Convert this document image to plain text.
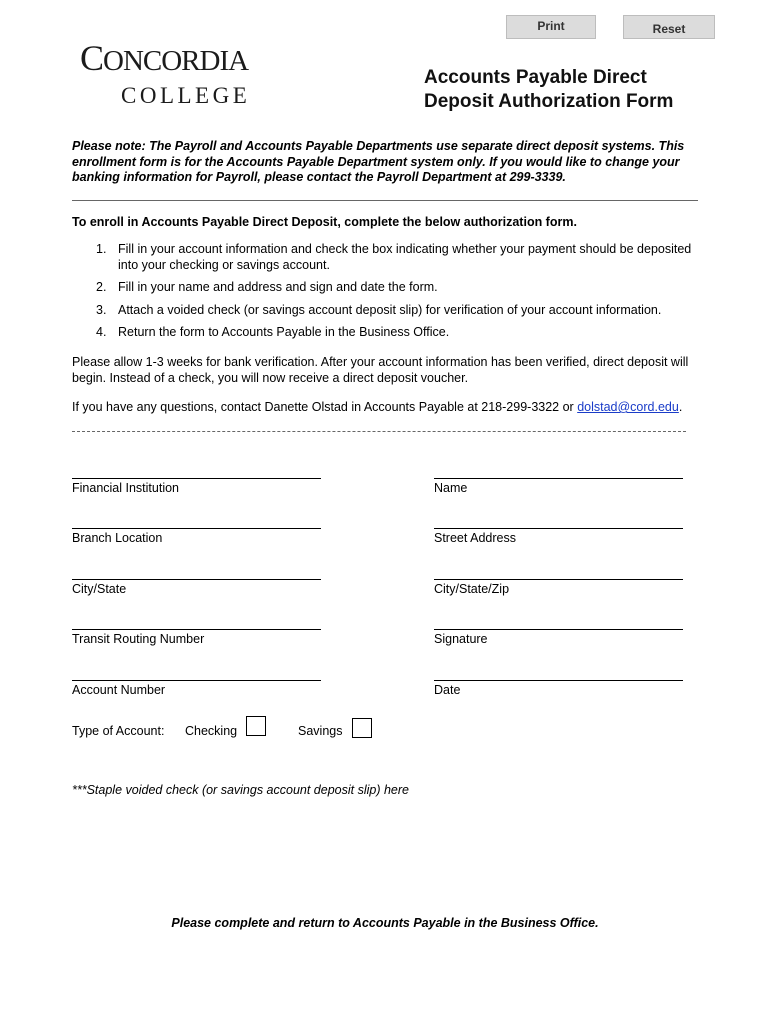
Print	Reset
CONCORDIA
COLLEGE
Accounts Payable Direct
Deposit Authorization Form
Please note: The Payroll and Accounts Payable Departments use separate direct deposit systems. This enrollment form is for the Accounts Payable Department system only. If you would like to change your banking information for Payroll, please contact the Payroll Department at 299-3339.
To enroll in Accounts Payable Direct Deposit, complete the below authorization form.
1. Fill in your account information and check the box indicating whether your payment should be deposited into your checking or savings account.
2. Fill in your name and address and sign and date the form.
3. Attach a voided check (or savings account deposit slip) for verification of your account information.
4. Return the form to Accounts Payable in the Business Office.
Please allow 1-3 weeks for bank verification. After your account information has been verified, direct deposit will begin. Instead of a check, you will now receive a direct deposit voucher.
If you have any questions, contact Danette Olstad in Accounts Payable at 218-299-3322 or dolstad@cord.edu.
Financial Institution
Branch Location
City/State
Transit Routing Number
Account Number
Name
Street Address
City/State/Zip
Signature
Date
Type of Account: Checking	Savings
***Staple voided check (or savings account deposit slip) here
Please complete and return to Accounts Payable in the Business Office.
